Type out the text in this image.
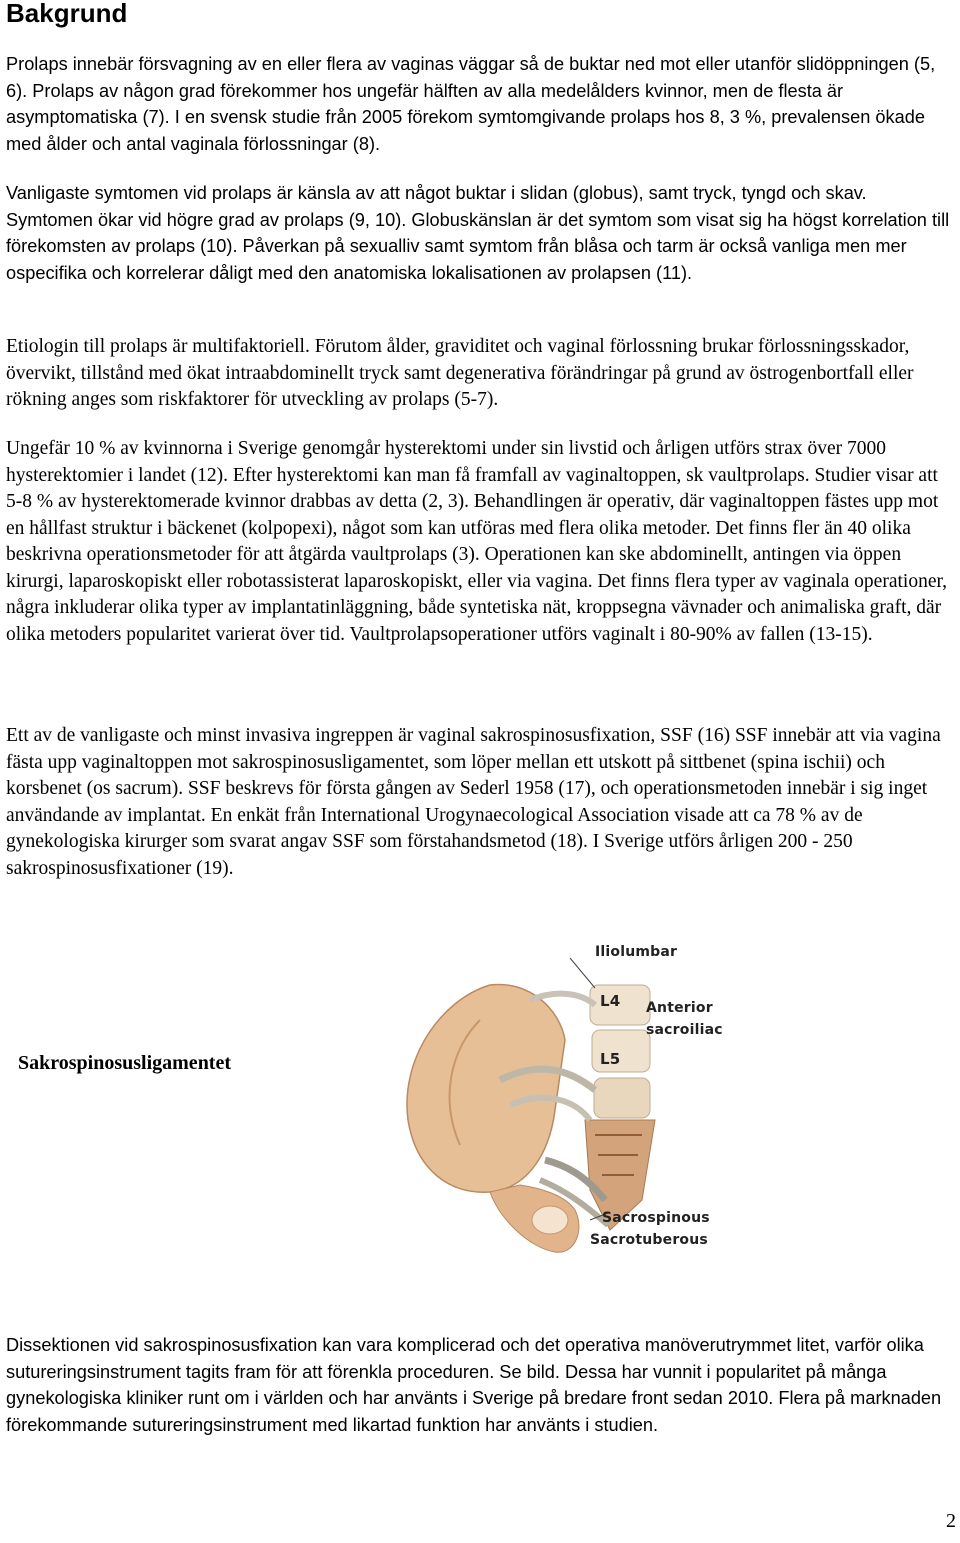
Bakgrund

Prolaps innebär försvagning av en eller flera av vaginas väggar så de buktar ned mot eller utanför slidöppningen (5, 6). Prolaps av någon grad förekommer hos ungefär hälften av alla medelålders kvinnor, men de flesta är asymptomatiska (7). I en svensk studie från 2005 förekom symtomgivande prolaps hos 8, 3 %, prevalensen ökade med ålder och antal vaginala förlossningar (8).

Vanligaste symtomen vid prolaps är känsla av att något buktar i slidan (globus), samt tryck, tyngd och skav. Symtomen ökar vid högre grad av prolaps (9, 10). Globuskänslan är det symtom som visat sig ha högst korrelation till förekomsten av prolaps (10). Påverkan på sexualliv samt symtom från blåsa och tarm är också vanliga men mer ospecifika och korrelerar dåligt med den anatomiska lokalisationen av prolapsen (11).

Etiologin till prolaps är multifaktoriell. Förutom ålder, graviditet och vaginal förlossning brukar förlossningsskador, övervikt, tillstånd med ökat intraabdominellt tryck samt degenerativa förändringar på grund av östrogenbortfall eller rökning anges som riskfaktorer för utveckling av prolaps (5-7).

Ungefär 10 % av kvinnorna i Sverige genomgår hysterektomi under sin livstid och årligen utförs strax över 7000 hysterektomier i landet (12). Efter hysterektomi kan man få framfall av vaginaltoppen, sk vaultprolaps. Studier visar att 5-8 % av hysterektomerade kvinnor drabbas av detta (2, 3). Behandlingen är operativ, där vaginaltoppen fästes upp mot en hållfast struktur i bäckenet (kolpopexi), något som kan utföras med flera olika metoder. Det finns fler än 40 olika beskrivna operationsmetoder för att åtgärda vaultprolaps (3). Operationen kan ske abdominellt, antingen via öppen kirurgi, laparoskopiskt eller robotassisterat laparoskopiskt, eller via vagina. Det finns flera typer av vaginala operationer, några inkluderar olika typer av implantatinläggning, både syntetiska nät, kroppsegna vävnader och animaliska graft, där olika metoders popularitet varierat över tid. Vaultprolapsoperationer utförs vaginalt i 80-90% av fallen (13-15).

Ett av de vanligaste och minst invasiva ingreppen är vaginal sakrospinosusfixation, SSF (16) SSF innebär att via vagina fästa upp vaginaltoppen mot sakrospinosusligamentet, som löper mellan ett utskott på sittbenet (spina ischii) och korsbenet (os sacrum). SSF beskrevs för första gången av Sederl 1958 (17), och operationsmetoden innebär i sig inget användande av implantat. En enkät från International Urogynaecological Association visade att ca 78 % av de gynekologiska kirurger som svarat angav SSF som förstahandsmetod (18). I Sverige utförs årligen 200 - 250 sakrospinosusfixationer (19).

Sakrospinosusligamentet
Iliolumbar
L4 Anterior
sacroiliac
L5
Sacrospinous
Sacrotuberous

Dissektionen vid sakrospinosusfixation kan vara komplicerad och det operativa manöverutrymmet litet, varför olika sutureringsinstrument tagits fram för att förenkla proceduren. Se bild. Dessa har vunnit i popularitet på många gynekologiska kliniker runt om i världen och har använts i Sverige på bredare front sedan 2010. Flera på marknaden förekommande sutureringsinstrument med likartad funktion har använts i studien.

2
